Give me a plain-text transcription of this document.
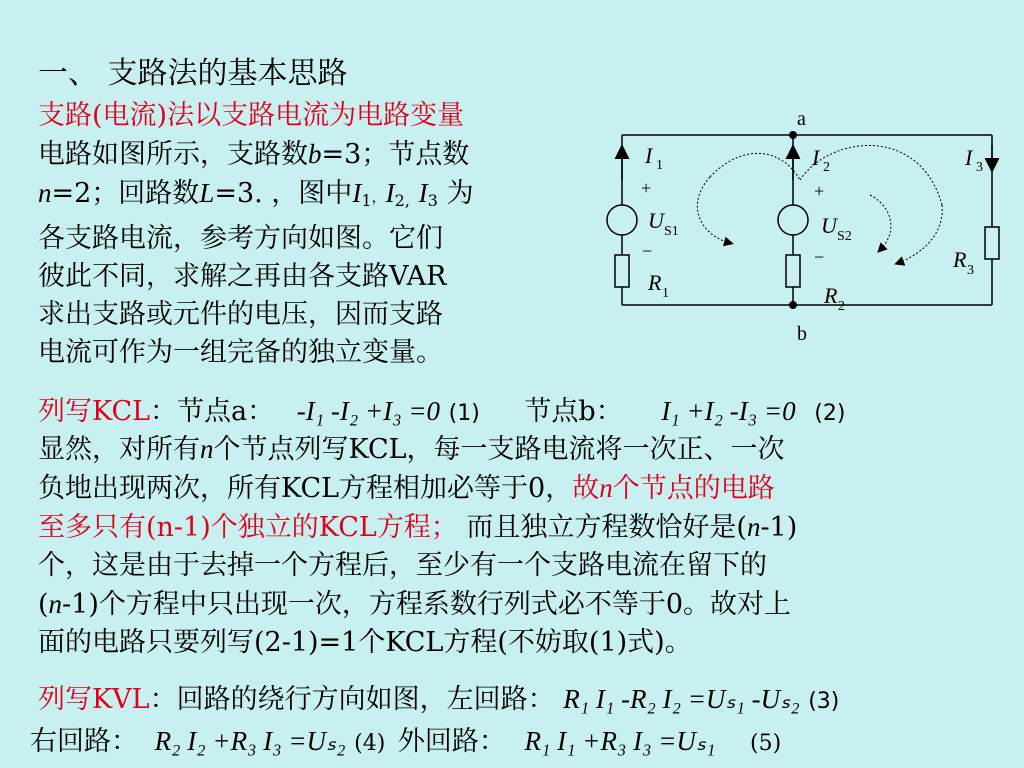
一、 支路法的基本思路
支路(电流)法以支路电流为电路变量
电路如图所示，支路数b=3；节点数
n=2；回路数L=3. ，图中$I_1$，$I_{2,}$ $I_3$ 为
各支路电流，参考方向如图。它们
彼此不同，求解之再由各支路VAR
求出支路或元件的电压，因而支路
电流可作为一组完备的独立变量。
a
b
I 1
+
U S1
−
R 1
I 2
+
U S2
−
R 2
I 3
R 3
列写KCL：节点a： -I₁ -I₂ +I₃ =0 (1) 节点b： I₁ +I₂ -I₃ =0 (2)
显然，对所有n个节点列写KCL，每一支路电流将一次正、一次
负地出现两次，所有KCL方程相加必等于0，故n个节点的电路
至多只有(n-1)个独立的KCL方程； 而且独立方程数恰好是(n-1)
个，这是由于去掉一个方程后，至少有一个支路电流在留下的
(n-1)个方程中只出现一次，方程系数行列式必不等于0。故对上
面的电路只要列写(2-1)=1个KCL方程(不妨取(1)式)。
列写KVL：回路的绕行方向如图，左回路： R₁ I₁ -R₂ I₂ =Uₛ₁ -Uₛ₂ (3)
右回路： R₂ I₂ +R₃ I₃ =Uₛ₂ (4) 外回路： R₁ I₁ +R₃ I₃ =Uₛ₁ (5)
